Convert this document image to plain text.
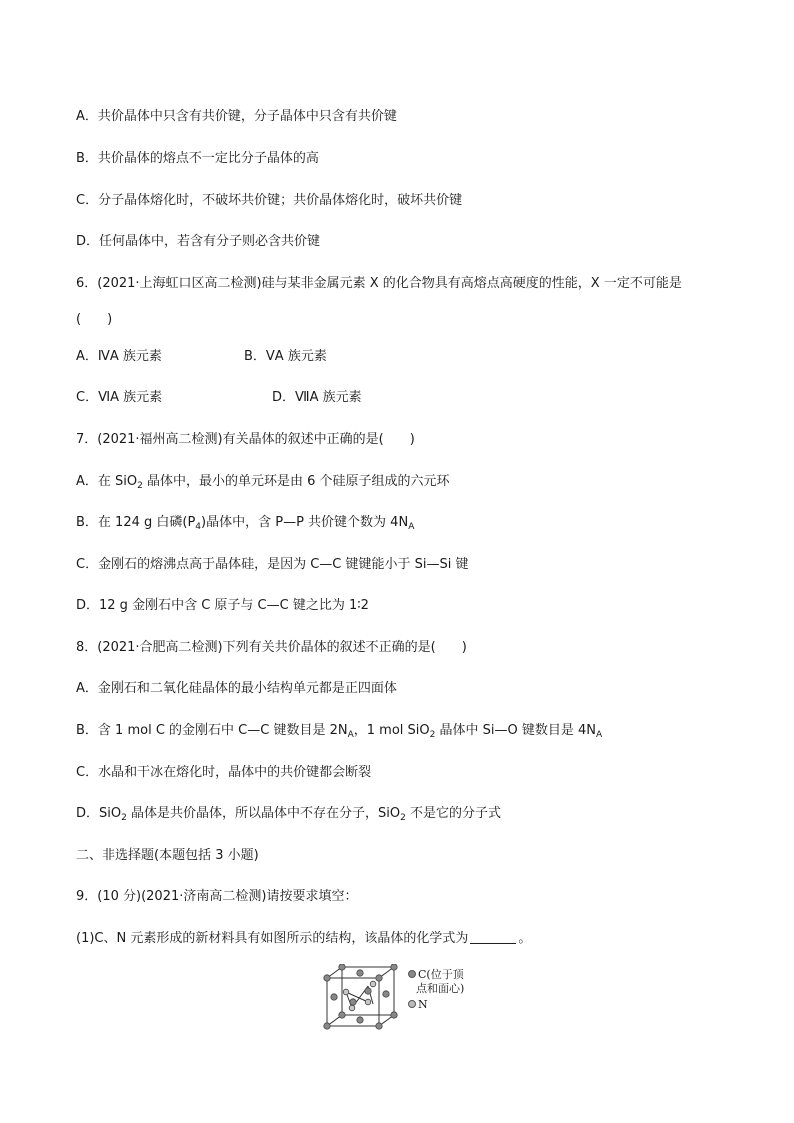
A．共价晶体中只含有共价键，分子晶体中只含有共价键
B．共价晶体的熔点不一定比分子晶体的高
C．分子晶体熔化时，不破坏共价键；共价晶体熔化时，破坏共价键
D．任何晶体中，若含有分子则必含共价键
6．(2021·上海虹口区高二检测)硅与某非金属元素 X 的化合物具有高熔点高硬度的性能，X 一定不可能是
(　　)
A．ⅣA 族元素	B．ⅤA 族元素
C．ⅥA 族元素	D．ⅦA 族元素
7．(2021·福州高二检测)有关晶体的叙述中正确的是(　　)
A．在 SiO$_2$ 晶体中，最小的单元环是由 6 个硅原子组成的六元环
B．在 124 g 白磷$(P_4)$晶体中，含 P—P 共价键个数为 $4N_A$
C．金刚石的熔沸点高于晶体硅，是因为 C—C 键键能小于 Si—Si 键
D．12 g 金刚石中含 C 原子与 C—C 键之比为 1∶2
8．(2021·合肥高二检测)下列有关共价晶体的叙述不正确的是(　　)
A．金刚石和二氧化硅晶体的最小结构单元都是正四面体
B．含 1 mol C 的金刚石中 C—C 键数目是 $2N_A$，1 mol SiO$_2$ 晶体中 Si—O 键数目是 $4N_A$
C．水晶和干冰在熔化时，晶体中的共价键都会断裂
D．SiO$_2$ 晶体是共价晶体，所以晶体中不存在分子，SiO$_2$ 不是它的分子式
二、非选择题(本题包括 3 小题)
9．(10 分)(2021·济南高二检测)请按要求填空：
(1)C、N 元素形成的新材料具有如图所示的结构，该晶体的化学式为	。
C(位于顶
点和面心)
N
